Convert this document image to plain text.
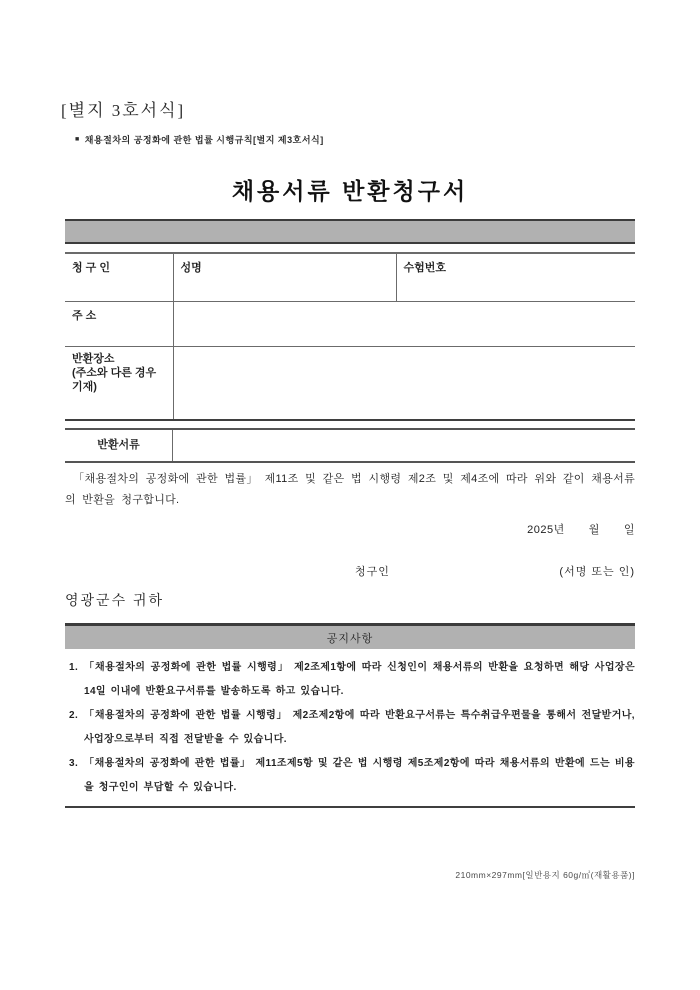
[별지 3호서식]
■ 채용절차의 공정화에 관한 법률 시행규칙[별지 제3호서식]
채용서류 반환청구서
청 구 인	성명	수험번호
주 소		

반환장소
(주소와 다른 경우
기재)		

반환서류
「채용절차의 공정화에 관한 법률」 제11조 및 같은 법 시행령 제2조 및 제4조에 따라 위와 같이 채용서류의 반환을 청구합니다.
2025년 월 일
청구인	(서명 또는 인)
영광군수 귀하
공지사항
1. 「채용절차의 공정화에 관한 법률 시행령」 제2조제1항에 따라 신청인이 채용서류의 반환을 요청하면 해당 사업장은 14일 이내에 반환요구서류를 발송하도록 하고 있습니다.
2. 「채용절차의 공정화에 관한 법률 시행령」 제2조제2항에 따라 반환요구서류는 특수취급우편물을 통해서 전달받거나, 사업장으로부터 직접 전달받을 수 있습니다.
3. 「채용절차의 공정화에 관한 법률」 제11조제5항 및 같은 법 시행령 제5조제2항에 따라 채용서류의 반환에 드는 비용을 청구인이 부담할 수 있습니다.
210mm×297mm[일반용지 60g/㎡(재활용품)]
